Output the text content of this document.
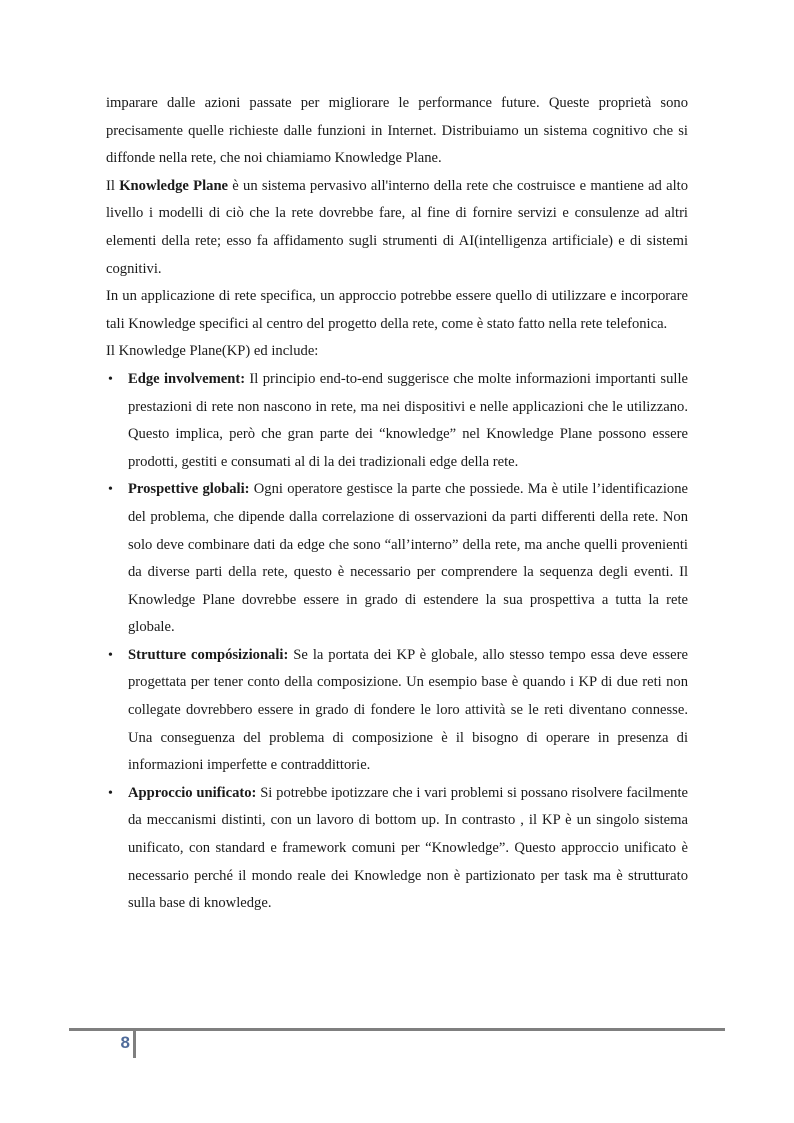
imparare dalle azioni passate per migliorare le performance future. Queste proprietà sono precisamente quelle richieste dalle funzioni in Internet. Distribuiamo un sistema cognitivo che si diffonde nella rete, che noi chiamiamo Knowledge Plane.

Il Knowledge Plane è un sistema pervasivo all'interno della rete che costruisce e mantiene ad alto livello i modelli di ciò che la rete dovrebbe fare, al fine di fornire servizi e consulenze ad altri elementi della rete; esso fa affidamento sugli strumenti di AI(intelligenza artificiale) e di sistemi cognitivi.

In un applicazione di rete specifica, un approccio potrebbe essere quello di utilizzare e incorporare tali Knowledge specifici al centro del progetto della rete, come è stato fatto nella rete telefonica.

Il Knowledge Plane(KP) ed include:

• Edge involvement: Il principio end-to-end suggerisce che molte informazioni importanti sulle prestazioni di rete non nascono in rete, ma nei dispositivi e nelle applicazioni che le utilizzano. Questo implica, però che gran parte dei “knowledge” nel Knowledge Plane possono essere prodotti, gestiti e consumati al di la dei tradizionali edge della rete.
• Prospettive globali: Ogni operatore gestisce la parte che possiede. Ma è utile l’identificazione del problema, che dipende dalla correlazione di osservazioni da parti differenti della rete. Non solo deve combinare dati da edge che sono “all’interno” della rete, ma anche quelli provenienti da diverse parti della rete, questo è necessario per comprendere la sequenza degli eventi. Il Knowledge Plane dovrebbe essere in grado di estendere la sua prospettiva a tutta la rete globale.
• Strutture compósizionali: Se la portata dei KP è globale, allo stesso tempo essa deve essere progettata per tener conto della composizione. Un esempio base è quando i KP di due reti non collegate dovrebbero essere in grado di fondere le loro attività se le reti diventano connesse. Una conseguenza del problema di composizione è il bisogno di operare in presenza di informazioni imperfette e contraddittorie.
• Approccio unificato: Si potrebbe ipotizzare che i vari problemi si possano risolvere facilmente da meccanismi distinti, con un lavoro di bottom up. In contrasto , il KP è un singolo sistema unificato, con standard e framework comuni per “Knowledge”. Questo approccio unificato è necessario perché il mondo reale dei Knowledge non è partizionato per task ma è strutturato sulla base di knowledge.
8
